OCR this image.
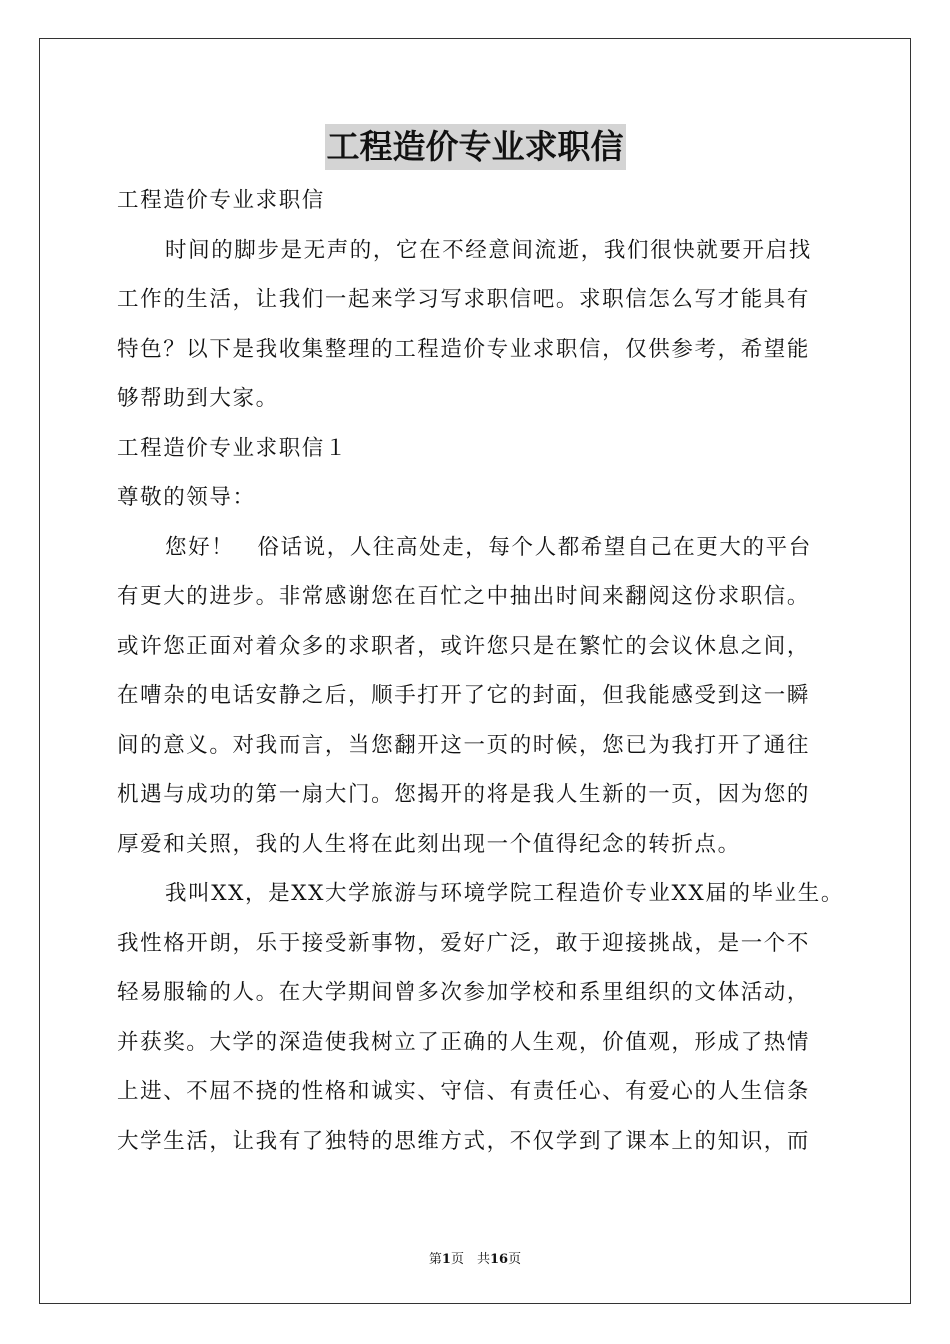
工程造价专业求职信
工程造价专业求职信
时间的脚步是无声的，它在不经意间流逝，我们很快就要开启找
工作的生活，让我们一起来学习写求职信吧。求职信怎么写才能具有
特色？以下是我收集整理的工程造价专业求职信，仅供参考，希望能
够帮助到大家。
工程造价专业求职信１
尊敬的领导：
您好！　俗话说，人往高处走，每个人都希望自己在更大的平台
有更大的进步。非常感谢您在百忙之中抽出时间来翻阅这份求职信。
或许您正面对着众多的求职者，或许您只是在繁忙的会议休息之间，
在嘈杂的电话安静之后，顺手打开了它的封面，但我能感受到这一瞬
间的意义。对我而言，当您翻开这一页的时候，您已为我打开了通往
机遇与成功的第一扇大门。您揭开的将是我人生新的一页，因为您的
厚爱和关照，我的人生将在此刻出现一个值得纪念的转折点。
我叫XX，是XX大学旅游与环境学院工程造价专业XX届的毕业生。
我性格开朗，乐于接受新事物，爱好广泛，敢于迎接挑战，是一个不
轻易服输的人。在大学期间曾多次参加学校和系里组织的文体活动，
并获奖。大学的深造使我树立了正确的人生观，价值观，形成了热情
上进、不屈不挠的性格和诚实、守信、有责任心、有爱心的人生信条
大学生活，让我有了独特的思维方式，不仅学到了课本上的知识，而
第1页　共16页
